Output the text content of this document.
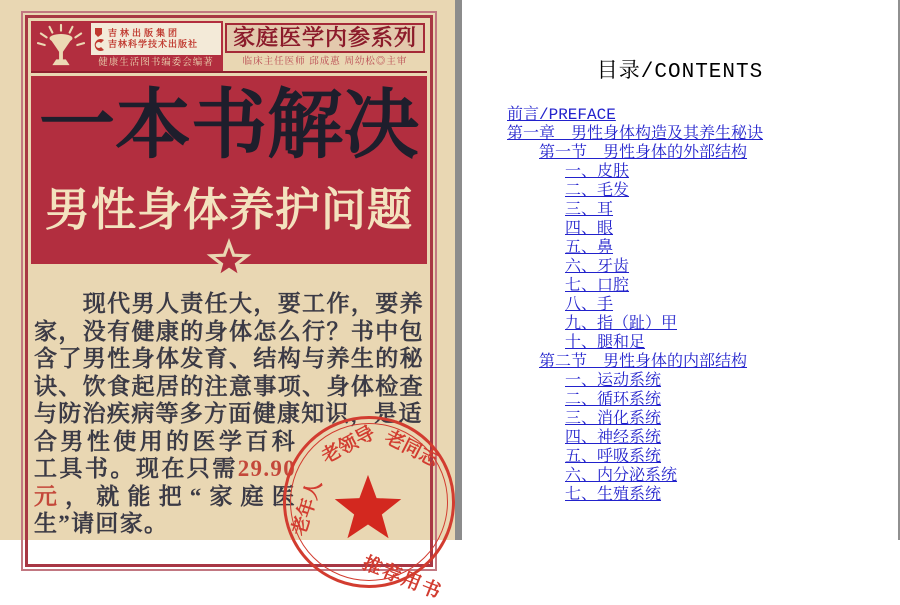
吉林出版集团
吉林科学技术出版社
健康生活图书编委会编著
家庭医学内参系列
临床主任医师 邱成惠 周幼松◎主审
一本书解决
男性身体养护问题
　　现代男人责任大，要工作，要养家，没有健康的身体怎么行？书中包含了男性身体发育、结构与养生的秘诀、饮食起居的注意事项、身体检查与防治疾病等多方面健康知识，是适
合男性使用的医学百科工具书。现在只需29.90元，就能把“家庭医生”请回家。
老领导 老同志
老年人
推荐用书
目录/CONTENTS
前言/PREFACE
第一章　男性身体构造及其养生秘诀
第一节　男性身体的外部结构
一、皮肤
二、毛发
三、耳
四、眼
五、鼻
六、牙齿
七、口腔
八、手
九、指（趾）甲
十、腿和足
第二节　男性身体的内部结构
一、运动系统
二、循环系统
三、消化系统
四、神经系统
五、呼吸系统
六、内分泌系统
七、生殖系统
